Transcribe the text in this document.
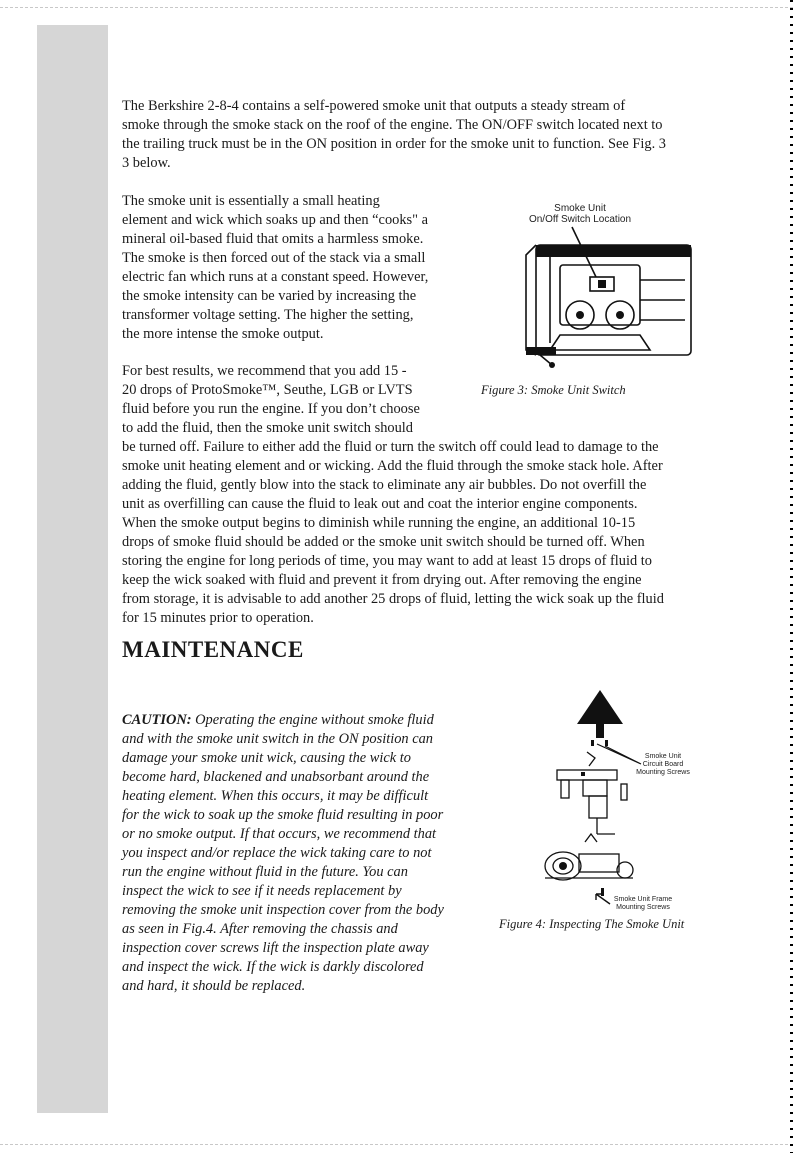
The Berkshire 2-8-4 contains a self-powered smoke unit that outputs a steady stream of

smoke through the smoke stack on the roof of the engine. The ON/OFF switch located next to

the trailing truck must be in the ON position in order for the smoke unit to function. See Fig. 3

3 below.

The smoke unit is essentially a small heating

element and wick which soaks up and then “cooks" a

mineral oil-based fluid that omits a harmless smoke.

The smoke is then forced out of the stack via a small

electric fan which runs at a constant speed. However,

the smoke intensity can be varied by increasing the

transformer voltage setting. The higher the setting,

the more intense the smoke output.

For best results, we recommend that you add 15 -

20 drops of ProtoSmoke™, Seuthe, LGB or LVTS

fluid before you run the engine. If you don’t choose

to add the fluid, then the smoke unit switch should

be turned off. Failure to either add the fluid or turn the switch off could lead to damage to the

smoke unit heating element and or wicking. Add the fluid through the smoke stack hole. After

adding the fluid, gently blow into the stack to eliminate any air bubbles. Do not overfill the

unit as overfilling can cause the fluid to leak out and coat the interior engine components.

When the smoke output begins to diminish while running the engine, an additional 10-15

drops of smoke fluid should be added or the smoke unit switch should be turned off. When

storing the engine for long periods of time, you may want to add at least 15 drops of fluid to

keep the wick soaked with fluid and prevent it from drying out. After removing the engine

from storage, it is advisable to add another 25 drops of fluid, letting the wick soak up the fluid

for 15 minutes prior to operation.

MAINTENANCE

CAUTION: Operating the engine without smoke fluid

and with the smoke unit switch in the ON position can

damage your smoke unit wick, causing the wick to

become hard, blackened and unabsorbant around the

heating element. When this occurs, it may be difficult

for the wick to soak up the smoke fluid resulting in poor

or no smoke output. If that occurs, we recommend that

you inspect and/or replace the wick taking care to not

run the engine without fluid in the future. You can

inspect the wick to see if it needs replacement by

removing the smoke unit inspection cover from the body

as seen in Fig.4. After removing the chassis and

inspection cover screws lift the inspection plate away

and inspect the wick. If the wick is darkly discolored

and hard, it should be replaced.

Smoke Unit
On/Off Switch Location
Figure 3: Smoke Unit Switch
Smoke Unit
Circuit Board
Mounting Screws
Smoke Unit Frame
Mounting Screws
Figure 4: Inspecting The Smoke Unit
